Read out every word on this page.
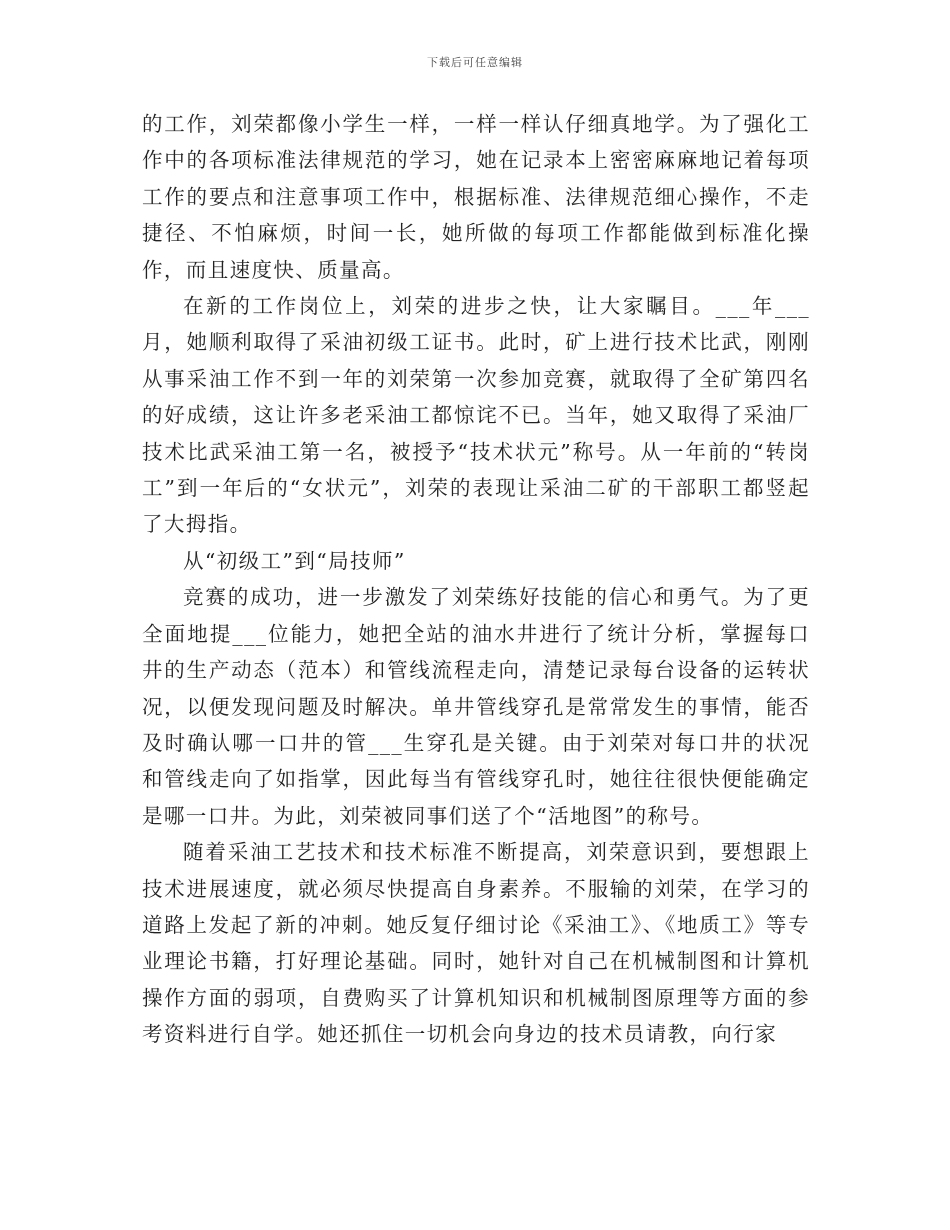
下载后可任意编辑

的工作，刘荣都像小学生一样，一样一样认仔细真地学。为了强化工作中的各项标准法律规范的学习，她在记录本上密密麻麻地记着每项工作的要点和注意事项工作中，根据标准、法律规范细心操作，不走捷径、不怕麻烦，时间一长，她所做的每项工作都能做到标准化操作，而且速度快、质量高。

在新的工作岗位上，刘荣的进步之快，让大家瞩目。___年___月，她顺利取得了采油初级工证书。此时，矿上进行技术比武，刚刚从事采油工作不到一年的刘荣第一次参加竞赛，就取得了全矿第四名的好成绩，这让许多老采油工都惊诧不已。当年，她又取得了采油厂技术比武采油工第一名，被授予“技术状元”称号。从一年前的“转岗工”到一年后的“女状元”，刘荣的表现让采油二矿的干部职工都竖起了大拇指。

从“初级工”到“局技师”

竞赛的成功，进一步激发了刘荣练好技能的信心和勇气。为了更全面地提___位能力，她把全站的油水井进行了统计分析，掌握每口井的生产动态（范本）和管线流程走向，清楚记录每台设备的运转状况，以便发现问题及时解决。单井管线穿孔是常常发生的事情，能否及时确认哪一口井的管___生穿孔是关键。由于刘荣对每口井的状况和管线走向了如指掌，因此每当有管线穿孔时，她往往很快便能确定是哪一口井。为此，刘荣被同事们送了个“活地图”的称号。

随着采油工艺技术和技术标准不断提高，刘荣意识到，要想跟上技术进展速度，就必须尽快提高自身素养。不服输的刘荣，在学习的道路上发起了新的冲刺。她反复仔细讨论《采油工》、《地质工》等专业理论书籍，打好理论基础。同时，她针对自己在机械制图和计算机操作方面的弱项，自费购买了计算机知识和机械制图原理等方面的参考资料进行自学。她还抓住一切机会向身边的技术员请教，向行家
